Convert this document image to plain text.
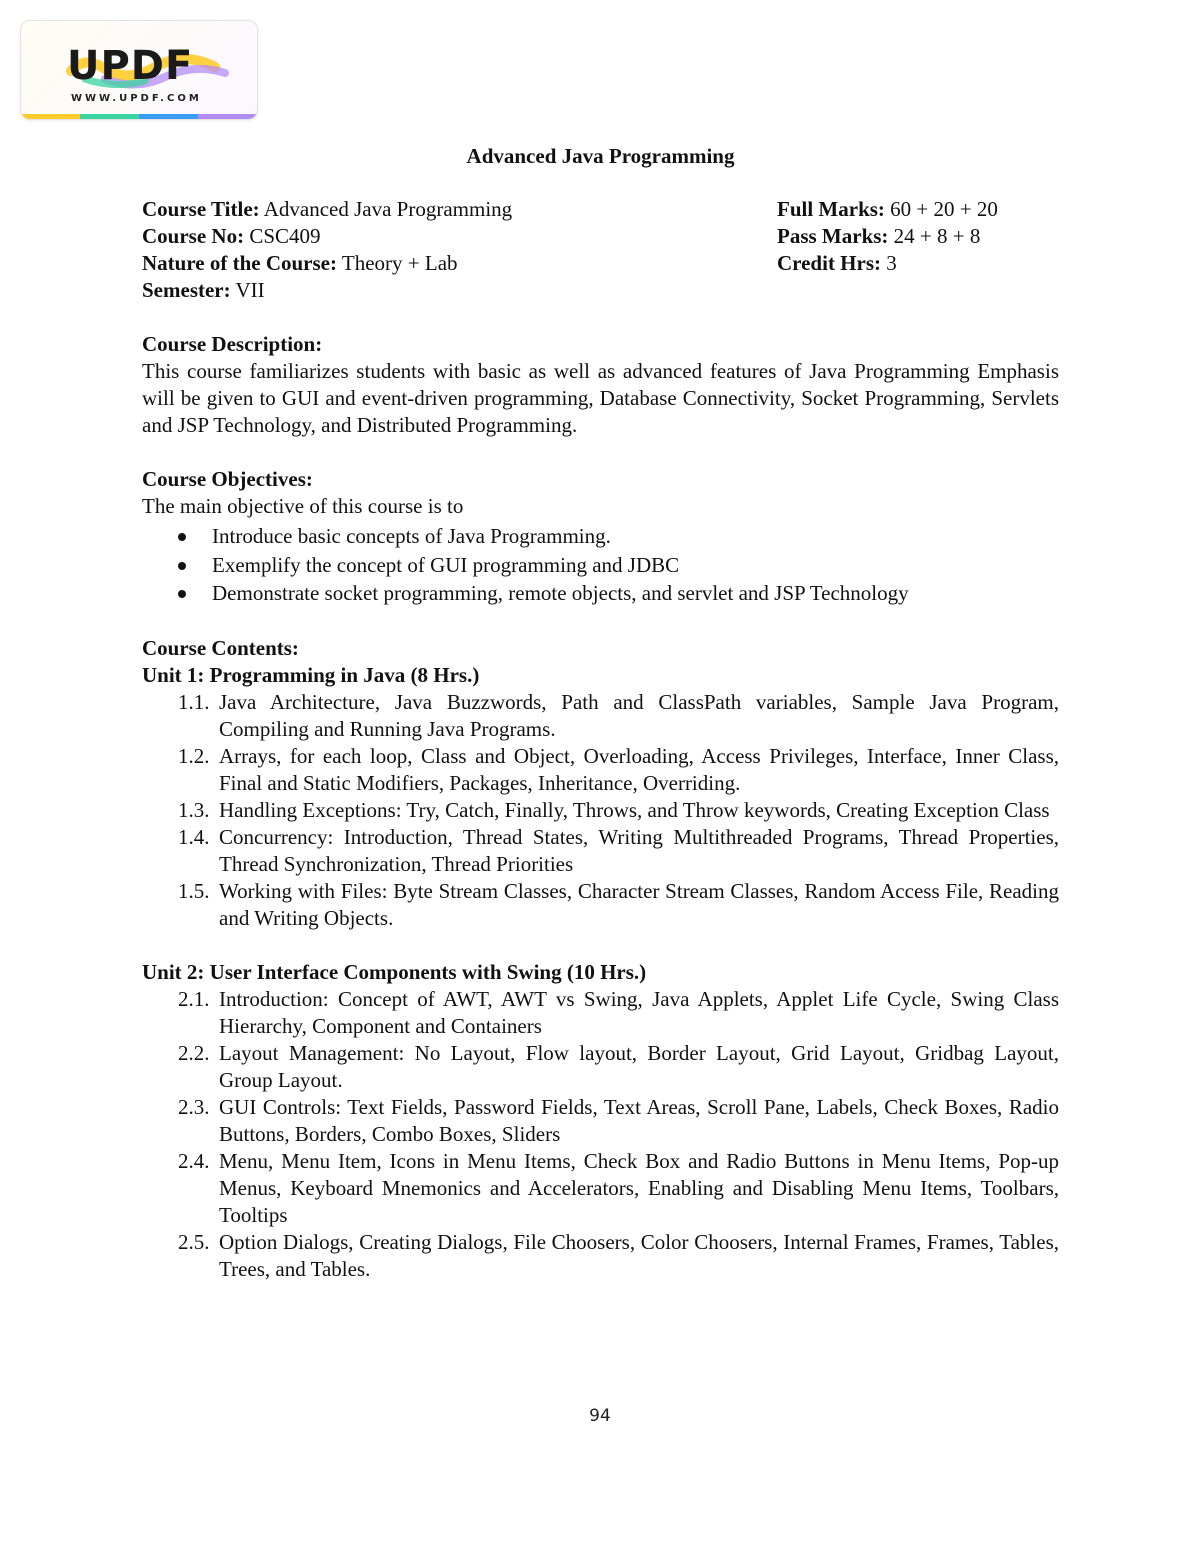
UPDF
WWW.UPDF.COM
Advanced Java Programming
Course Title: Advanced Java Programming
Course No: CSC409
Nature of the Course: Theory + Lab
Semester: VII
Full Marks: 60 + 20 + 20
Pass Marks: 24 + 8 + 8
Credit Hrs: 3
Course Description:
This course familiarizes students with basic as well as advanced features of Java Programming Emphasis will be given to GUI and event-driven programming, Database Connectivity, Socket Programming, Servlets and JSP Technology, and Distributed Programming.
Course Objectives:
The main objective of this course is to
Introduce basic concepts of Java Programming.
Exemplify the concept of GUI programming and JDBC
Demonstrate socket programming, remote objects, and servlet and JSP Technology
Course Contents:
Unit 1: Programming in Java (8 Hrs.)
1.1. Java Architecture, Java Buzzwords, Path and ClassPath variables, Sample Java Program, Compiling and Running Java Programs.
1.2. Arrays, for each loop, Class and Object, Overloading, Access Privileges, Interface, Inner Class, Final and Static Modifiers, Packages, Inheritance, Overriding.
1.3. Handling Exceptions: Try, Catch, Finally, Throws, and Throw keywords, Creating Exception Class
1.4. Concurrency: Introduction, Thread States, Writing Multithreaded Programs, Thread Properties, Thread Synchronization, Thread Priorities
1.5. Working with Files: Byte Stream Classes, Character Stream Classes, Random Access File, Reading and Writing Objects.
Unit 2: User Interface Components with Swing (10 Hrs.)
2.1. Introduction: Concept of AWT, AWT vs Swing, Java Applets, Applet Life Cycle, Swing Class Hierarchy, Component and Containers
2.2. Layout Management: No Layout, Flow layout, Border Layout, Grid Layout, Gridbag Layout, Group Layout.
2.3. GUI Controls: Text Fields, Password Fields, Text Areas, Scroll Pane, Labels, Check Boxes, Radio Buttons, Borders, Combo Boxes, Sliders
2.4. Menu, Menu Item, Icons in Menu Items, Check Box and Radio Buttons in Menu Items, Pop-up Menus, Keyboard Mnemonics and Accelerators, Enabling and Disabling Menu Items, Toolbars, Tooltips
2.5. Option Dialogs, Creating Dialogs, File Choosers, Color Choosers, Internal Frames, Frames, Tables, Trees, and Tables.
94
